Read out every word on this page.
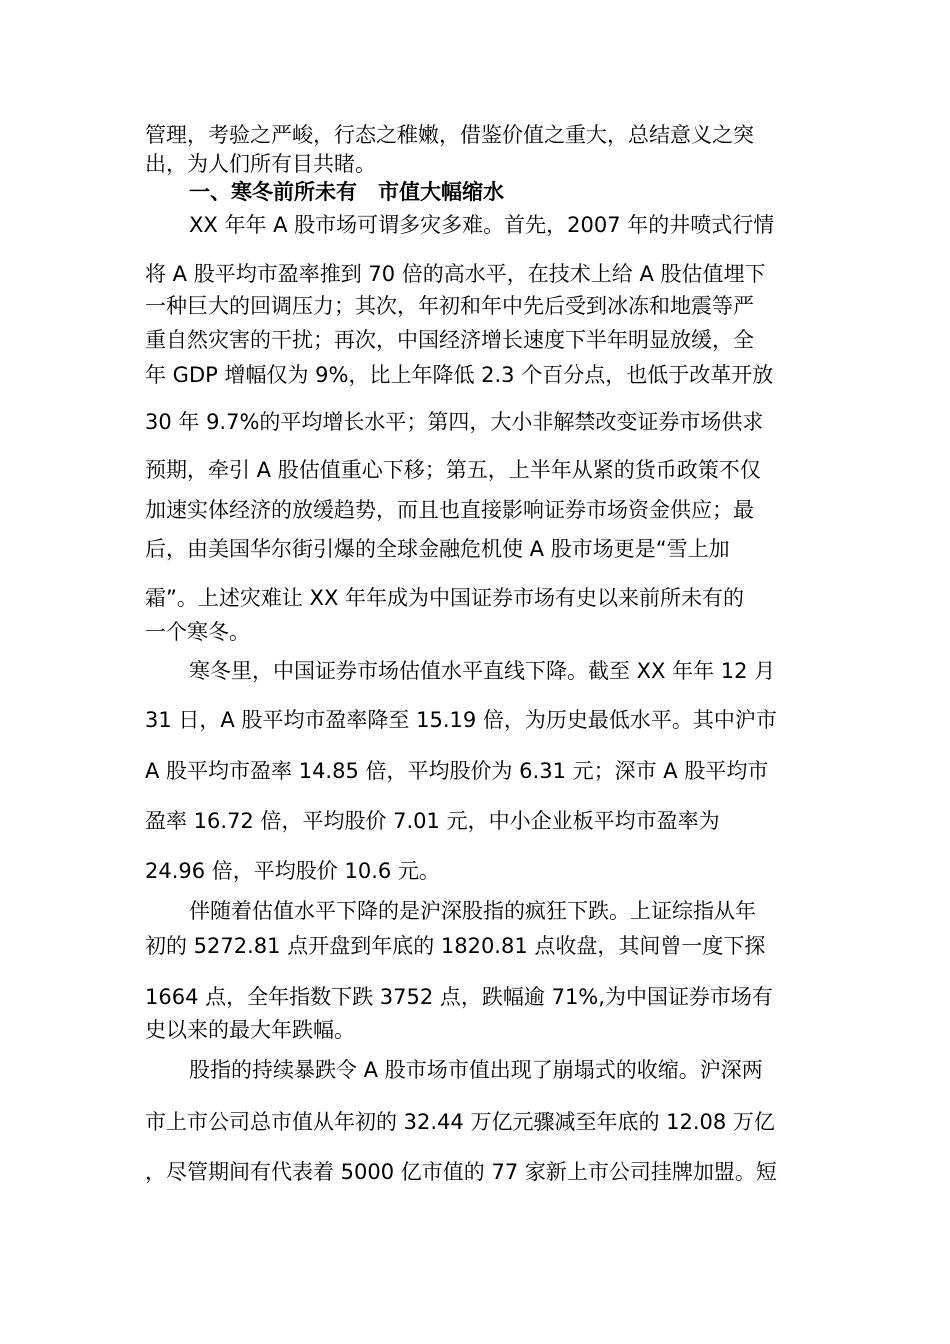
管理，考验之严峻，行态之稚嫩，借鉴价值之重大，总结意义之突
出，为人们所有目共睹。
一、寒冬前所未有　市值大幅缩水
XX 年年 A 股市场可谓多灾多难。首先，2007 年的井喷式行情
将 A 股平均市盈率推到 70 倍的高水平，在技术上给 A 股估值埋下
一种巨大的回调压力；其次，年初和年中先后受到冰冻和地震等严
重自然灾害的干扰；再次，中国经济增长速度下半年明显放缓，全
年 GDP 增幅仅为 9%，比上年降低 2.3 个百分点，也低于改革开放
30 年 9.7%的平均增长水平；第四，大小非解禁改变证券市场供求
预期，牵引 A 股估值重心下移；第五，上半年从紧的货币政策不仅
加速实体经济的放缓趋势，而且也直接影响证券市场资金供应；最
后，由美国华尔街引爆的全球金融危机使 A 股市场更是“雪上加
霜”。上述灾难让 XX 年年成为中国证券市场有史以来前所未有的
一个寒冬。
寒冬里，中国证券市场估值水平直线下降。截至 XX 年年 12 月
31 日，A 股平均市盈率降至 15.19 倍，为历史最低水平。其中沪市
A 股平均市盈率 14.85 倍，平均股价为 6.31 元；深市 A 股平均市
盈率 16.72 倍，平均股价 7.01 元，中小企业板平均市盈率为
24.96 倍，平均股价 10.6 元。
伴随着估值水平下降的是沪深股指的疯狂下跌。上证综指从年
初的 5272.81 点开盘到年底的 1820.81 点收盘，其间曾一度下探
1664 点，全年指数下跌 3752 点，跌幅逾 71%,为中国证券市场有
史以来的最大年跌幅。
股指的持续暴跌令 A 股市场市值出现了崩塌式的收缩。沪深两
市上市公司总市值从年初的 32.44 万亿元骤减至年底的 12.08 万亿
，尽管期间有代表着 5000 亿市值的 77 家新上市公司挂牌加盟。短
